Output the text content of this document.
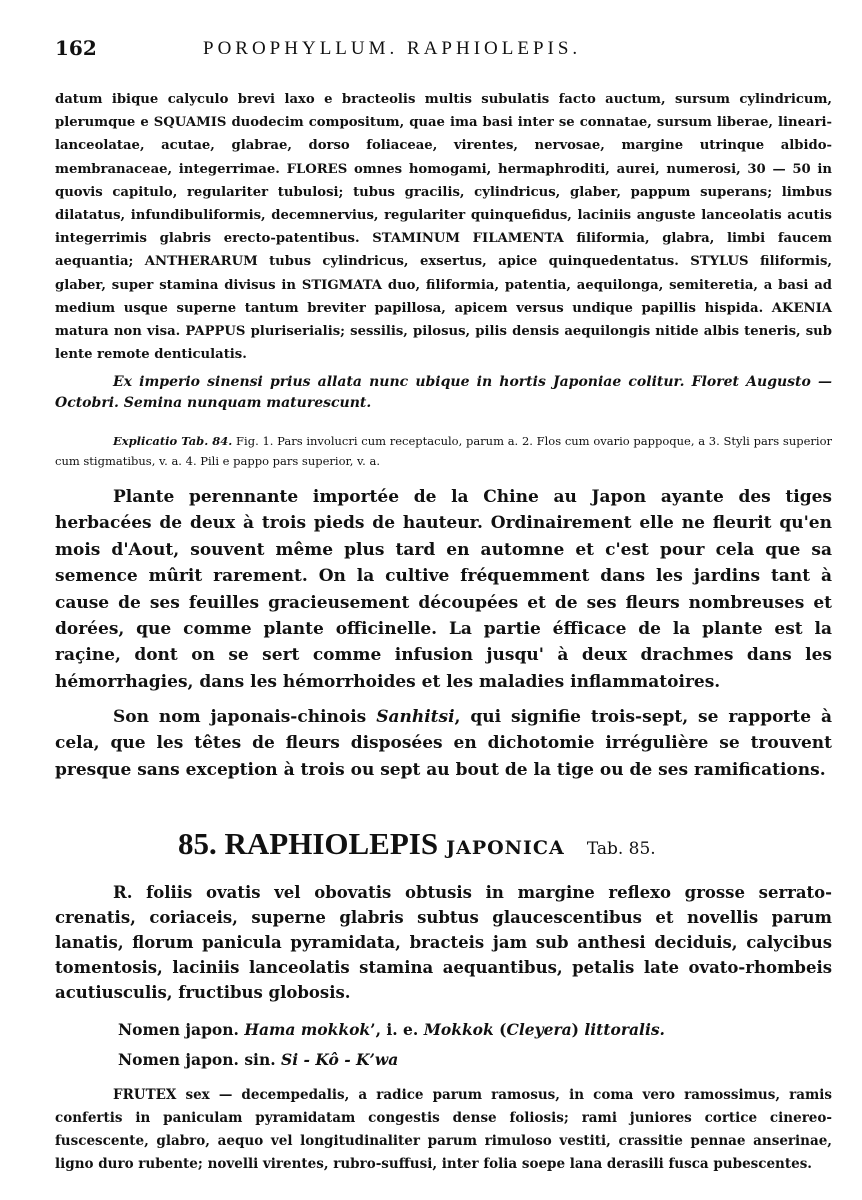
162	POROPHYLLUM. RAPHIOLEPIS.
datum ibique calyculo brevi laxo e bracteolis multis subulatis facto auctum, sursum cylindricum, plerumque e SQUAMIS duodecim compositum, quae ima basi inter se connatae, sursum liberae, lineari-lanceolatae, acutae, glabrae, dorso foliaceae, virentes, nervosae, margine utrinque albido-membranaceae, integerrimae. FLORES omnes homogami, hermaphroditi, aurei, numerosi, 30 — 50 in quovis capitulo, regulariter tubulosi; tubus gracilis, cylindricus, glaber, pappum superans; limbus dilatatus, infundibuliformis, decemnervius, regulariter quinquefidus, laciniis anguste lanceolatis acutis integerrimis glabris erecto-patentibus. STAMINUM FILAMENTA filiformia, glabra, limbi faucem aequantia; ANTHERARUM tubus cylindricus, exsertus, apice quinquedentatus. STYLUS filiformis, glaber, super stamina divisus in STIGMATA duo, filiformia, patentia, aequilonga, semiteretia, a basi ad medium usque superne tantum breviter papillosa, apicem versus undique papillis hispida. AKENIA matura non visa. PAPPUS pluriserialis; sessilis, pilosus, pilis densis aequilongis nitide albis teneris, sub lente remote denticulatis.
Ex imperio sinensi prius allata nunc ubique in hortis Japoniae colitur. Floret Augusto — Octobri. Semina nunquam maturescunt.
Explicatio Tab. 84. Fig. 1. Pars involucri cum receptaculo, parum a. 2. Flos cum ovario pappoque, a 3. Styli pars superior cum stigmatibus, v. a. 4. Pili e pappo pars superior, v. a.
Plante perennante importée de la Chine au Japon ayante des tiges herbacées de deux à trois pieds de hauteur. Ordinairement elle ne fleurit qu'en mois d'Aout, souvent même plus tard en automne et c'est pour cela que sa semence mûrit rarement. On la cultive fréquemment dans les jardins tant à cause de ses feuilles gracieusement découpées et de ses fleurs nombreuses et dorées, que comme plante officinelle. La partie éfficace de la plante est la raçine, dont on se sert comme infusion jusqu' à deux drachmes dans les hémorrhagies, dans les hémorrhoides et les maladies inflammatoires.
Son nom japonais-chinois Sanhitsi, qui signifie trois-sept, se rapporte à cela, que les têtes de fleurs disposées en dichotomie irrégulière se trouvent presque sans exception à trois ou sept au bout de la tige ou de ses ramifications.
85. RAPHIOLEPIS JAPONICA Tab. 85.
R. foliis ovatis vel obovatis obtusis in margine reflexo grosse serrato-crenatis, coriaceis, superne glabris subtus glaucescentibus et novellis parum lanatis, florum panicula pyramidata, bracteis jam sub anthesi deciduis, calycibus tomentosis, laciniis lanceolatis stamina aequantibus, petalis late ovato-rhombeis acutiusculis, fructibus globosis.
Nomen japon. Hama mokkok’, i. e. Mokkok (Cleyera) littoralis.
Nomen japon. sin. Si - Kô - K’wa
FRUTEX sex — decempedalis, a radice parum ramosus, in coma vero ramossimus, ramis confertis in paniculam pyramidatam congestis dense foliosis; rami juniores cortice cinereo-fuscescente, glabro, aequo vel longitudinaliter parum rimuloso vestiti, crassitie pennae anserinae, ligno duro rubente; novelli virentes, rubro-suffusi, inter folia soepe lana derasili fusca pubescentes.
